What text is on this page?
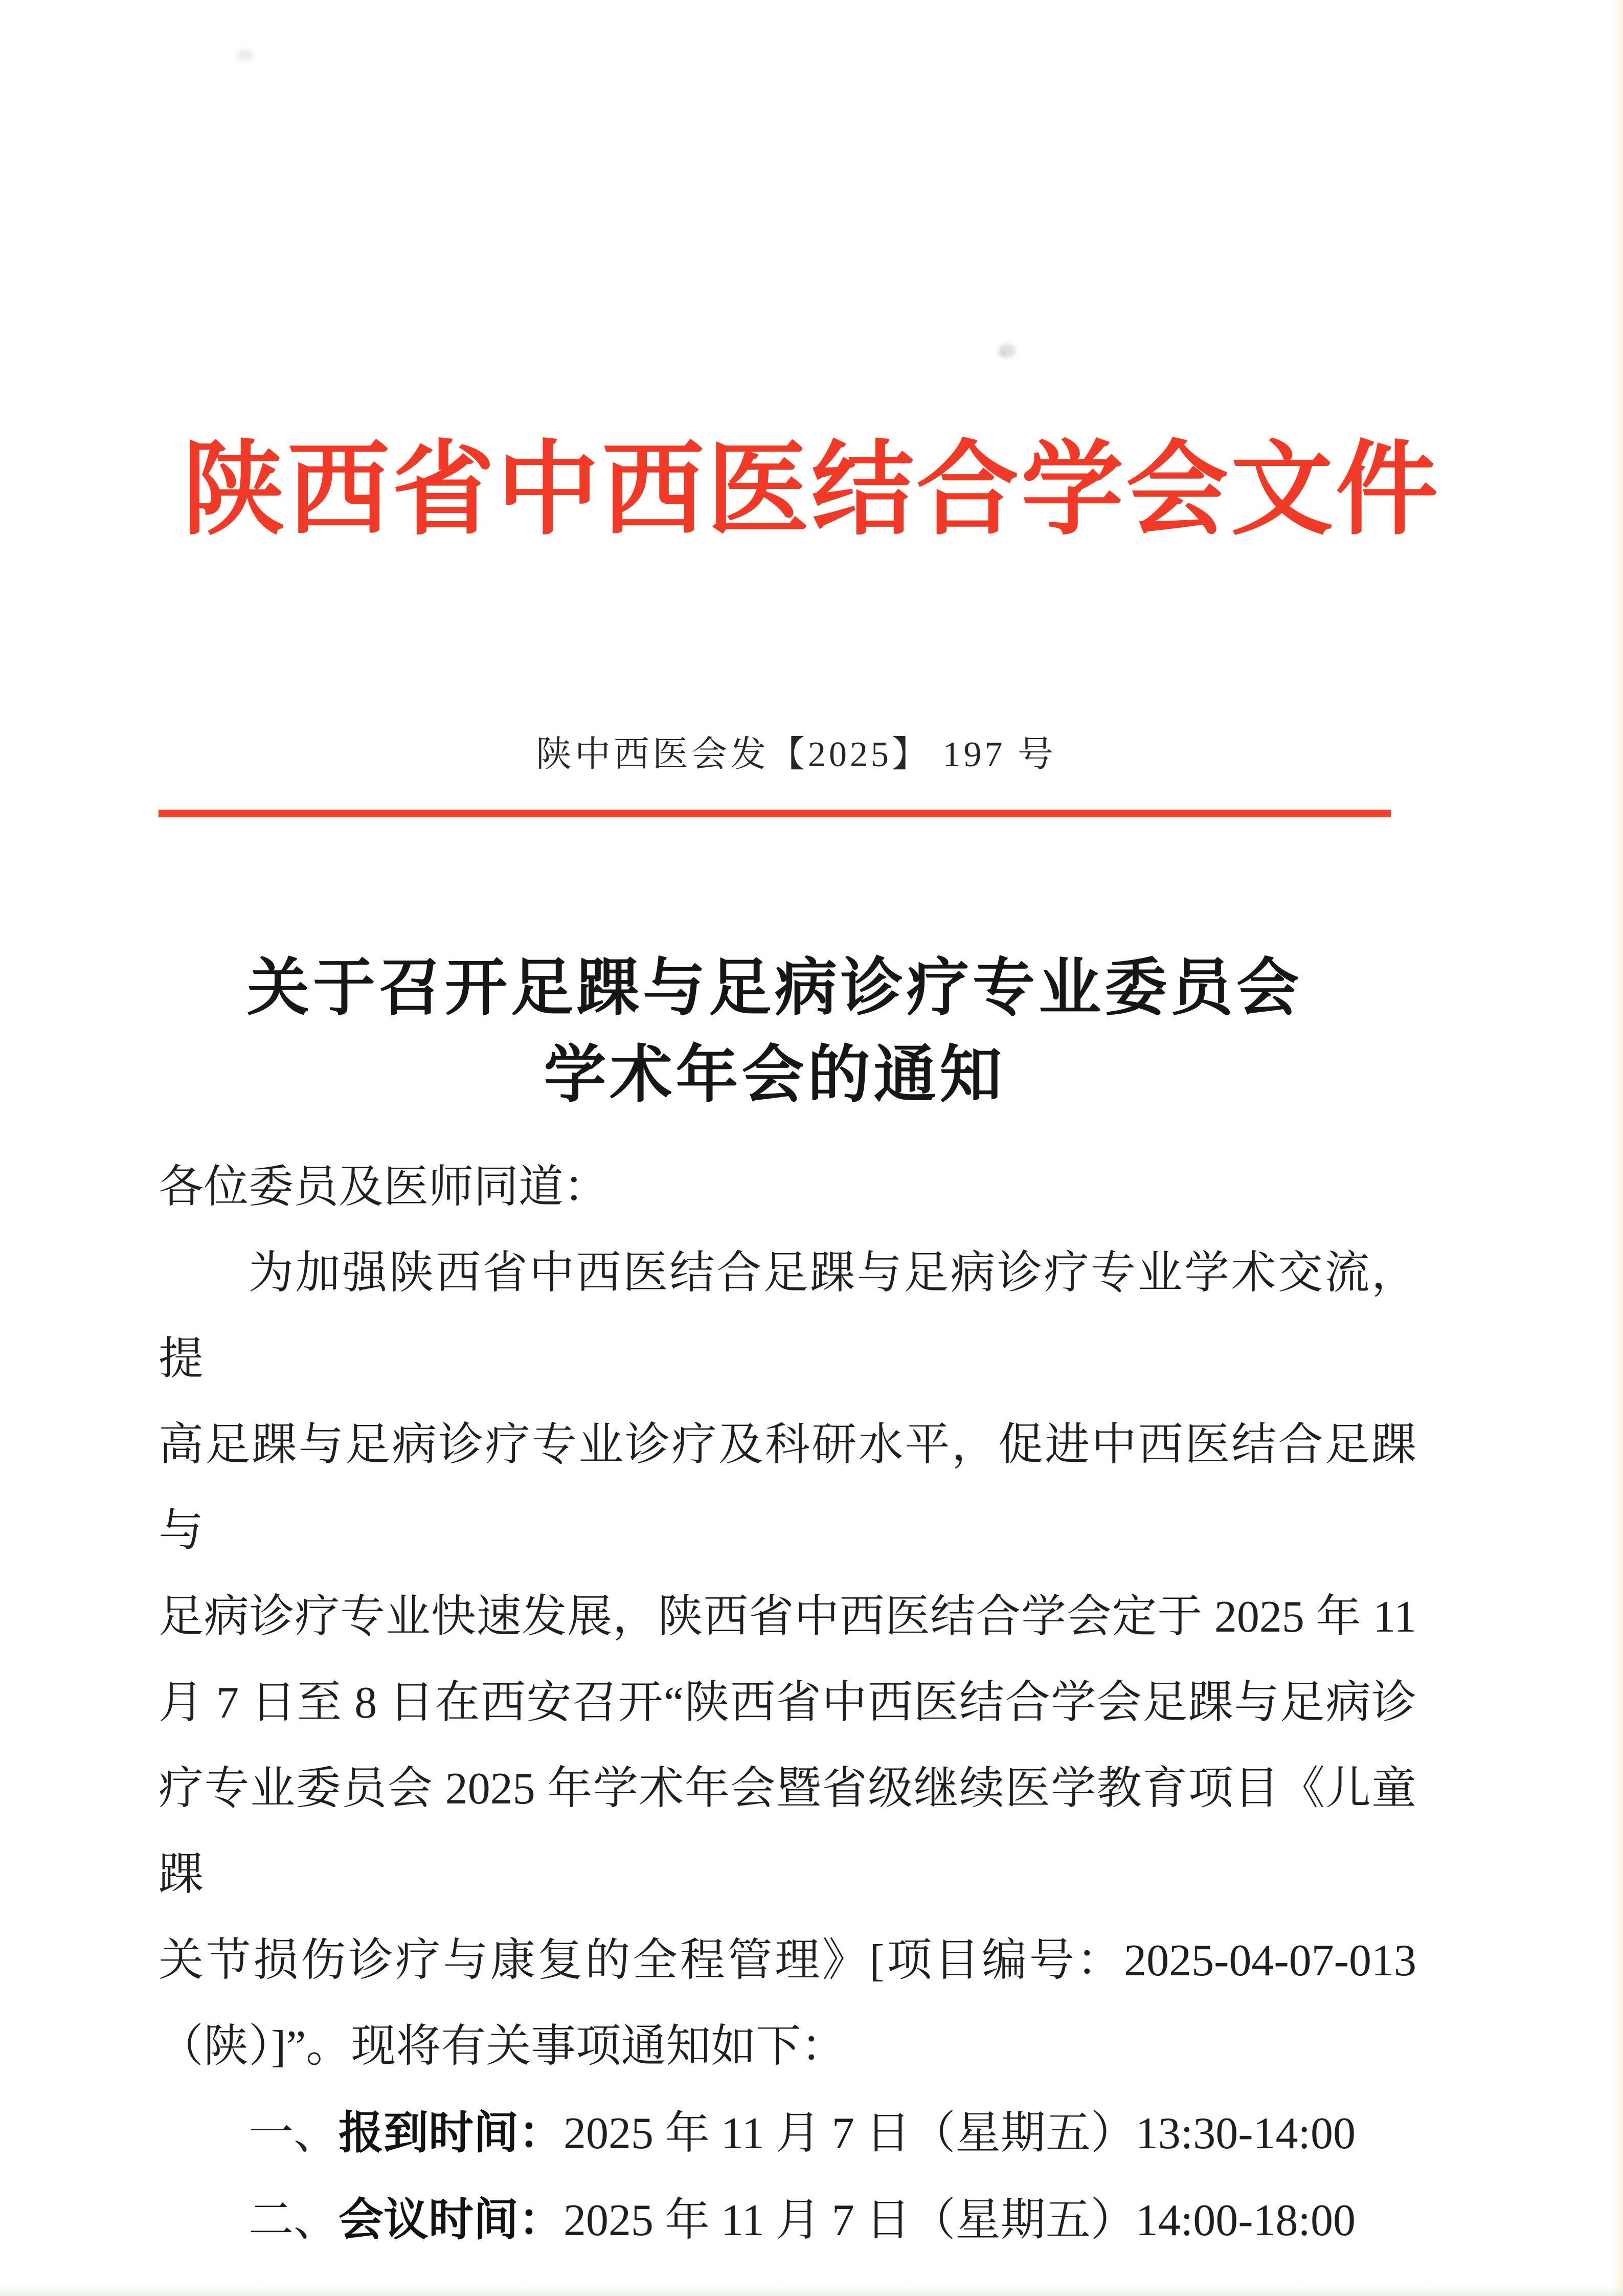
陕西省中西医结合学会文件
陕中西医会发【2025】 197 号
关于召开足踝与足病诊疗专业委员会
学术年会的通知
各位委员及医师同道：
为加强陕西省中西医结合足踝与足病诊疗专业学术交流，提
高足踝与足病诊疗专业诊疗及科研水平，促进中西医结合足踝与
足病诊疗专业快速发展，陕西省中西医结合学会定于 2025 年 11
月 7 日至 8 日在西安召开“陕西省中西医结合学会足踝与足病诊
疗专业委员会 2025 年学术年会暨省级继续医学教育项目《儿童踝
关节损伤诊疗与康复的全程管理》[项目编号：2025-04-07-013
（陕）]”。现将有关事项通知如下：
一、报到时间：2025 年 11 月 7 日（星期五）13:30-14:00
二、会议时间：2025 年 11 月 7 日（星期五）14:00-18:00
